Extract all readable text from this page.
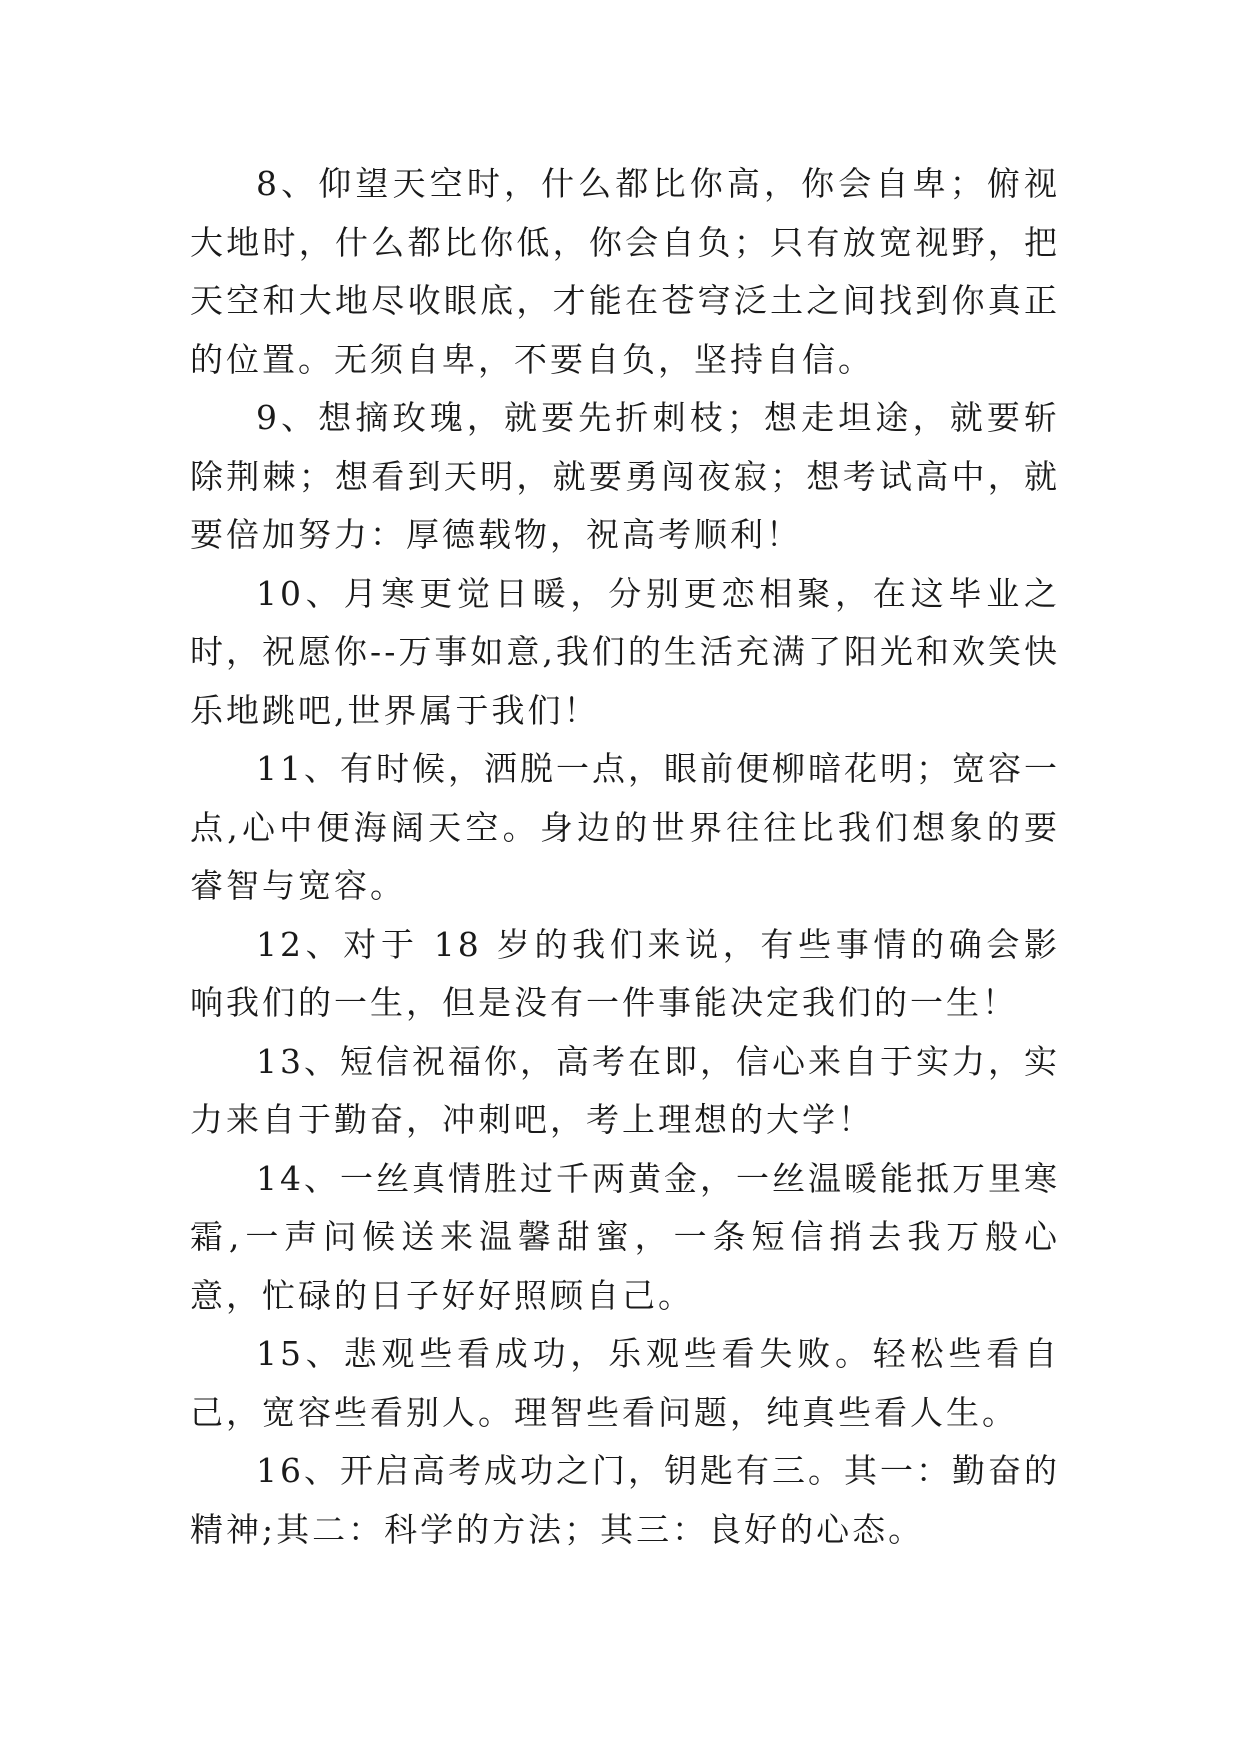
8、仰望天空时，什么都比你高，你会自卑；俯视大地时，什么都比你低，你会自负；只有放宽视野，把天空和大地尽收眼底，才能在苍穹泛土之间找到你真正的位置。无须自卑，不要自负，坚持自信。

9、想摘玫瑰，就要先折刺枝；想走坦途，就要斩除荆棘；想看到天明，就要勇闯夜寂；想考试高中，就要倍加努力：厚德载物，祝高考顺利！

10、月寒更觉日暖，分别更恋相聚，在这毕业之时，祝愿你--万事如意,我们的生活充满了阳光和欢笑快乐地跳吧,世界属于我们！

11、有时候，洒脱一点，眼前便柳暗花明；宽容一点,心中便海阔天空。身边的世界往往比我们想象的要睿智与宽容。

12、对于 18 岁的我们来说，有些事情的确会影响我们的一生，但是没有一件事能决定我们的一生！

13、短信祝福你，高考在即，信心来自于实力，实力来自于勤奋，冲刺吧，考上理想的大学！

14、一丝真情胜过千两黄金，一丝温暖能抵万里寒霜,一声问候送来温馨甜蜜，一条短信捎去我万般心意，忙碌的日子好好照顾自己。

15、悲观些看成功，乐观些看失败。轻松些看自己，宽容些看别人。理智些看问题，纯真些看人生。

16、开启高考成功之门，钥匙有三。其一：勤奋的精神;其二：科学的方法；其三：良好的心态。
